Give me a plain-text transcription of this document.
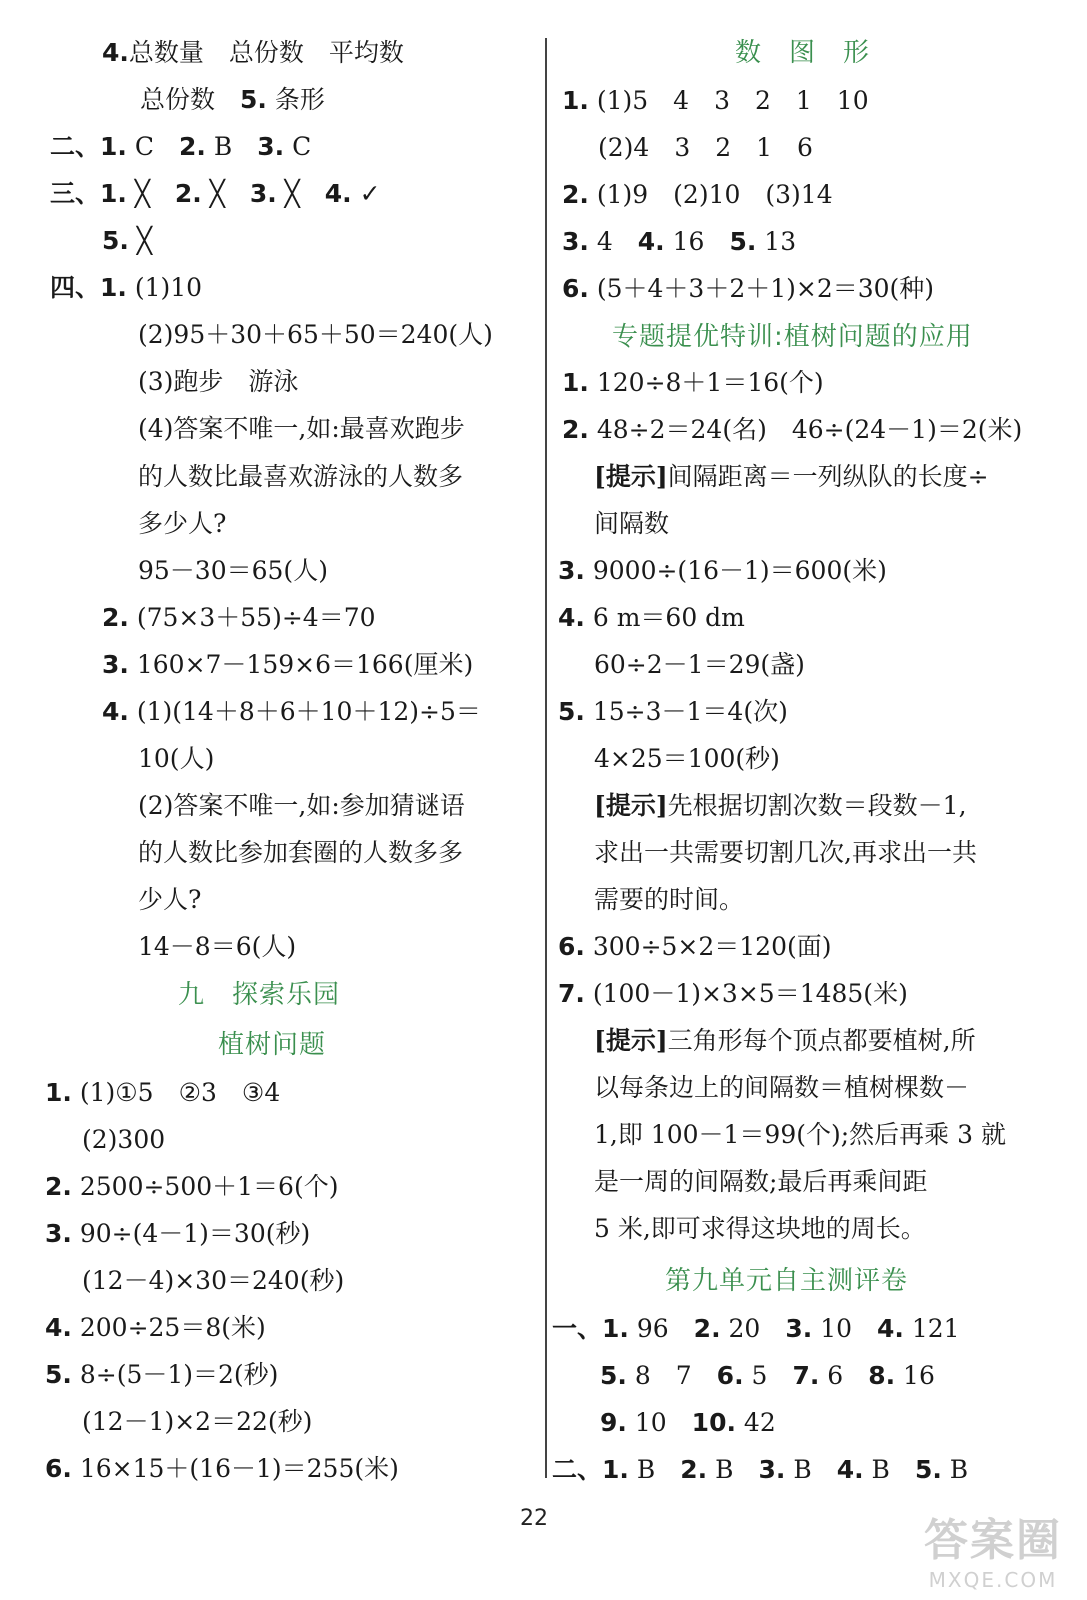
4.总数量　总份数　平均数
总份数　5. 条形
二、1. C　2. B　3. C
三、1. ╳　2. ╳　3. ╳　4. ✓
5. ╳
四、1. (1)10
(2)95＋30＋65＋50＝240(人)
(3)跑步　游泳
(4)答案不唯一,如:最喜欢跑步
的人数比最喜欢游泳的人数多
多少人?
95－30＝65(人)
2. (75×3＋55)÷4＝70
3. 160×7－159×6＝166(厘米)
4. (1)(14＋8＋6＋10＋12)÷5＝
10(人)
(2)答案不唯一,如:参加猜谜语
的人数比参加套圈的人数多多
少人?
14－8＝6(人)
1. (1)①5　②3　③4
(2)300
2. 2500÷500＋1＝6(个)
3. 90÷(4－1)＝30(秒)
(12－4)×30＝240(秒)
4. 200÷25＝8(米)
5. 8÷(5－1)＝2(秒)
(12－1)×2＝22(秒)
6. 16×15＋(16－1)＝255(米)
九　探索乐园
植树问题
1. (1)5　4　3　2　1　10
(2)4　3　2　1　6
2. (1)9　(2)10　(3)14
3. 4　4. 16　5. 13
6. (5＋4＋3＋2＋1)×2＝30(种)
1. 120÷8＋1＝16(个)
2. 48÷2＝24(名)　46÷(24－1)＝2(米)
[提示]间隔距离＝一列纵队的长度÷
间隔数
3. 9000÷(16－1)＝600(米)
4. 6 m＝60 dm
60÷2－1＝29(盏)
5. 15÷3－1＝4(次)
4×25＝100(秒)
[提示]先根据切割次数＝段数－1,
求出一共需要切割几次,再求出一共
需要的时间。
6. 300÷5×2＝120(面)
7. (100－1)×3×5＝1485(米)
[提示]三角形每个顶点都要植树,所
以每条边上的间隔数＝植树棵数－
1,即 100－1＝99(个);然后再乘 3 就
是一周的间隔数;最后再乘间距
5 米,即可求得这块地的周长。
一、1. 96　2. 20　3. 10　4. 121
5. 8　7　6. 5　7. 6　8. 16
9. 10　10. 42
二、1. B　2. B　3. B　4. B　5. B
数　图　形
专题提优特训:植树问题的应用
第九单元自主测评卷
22	答案圈
MXQE.COM
